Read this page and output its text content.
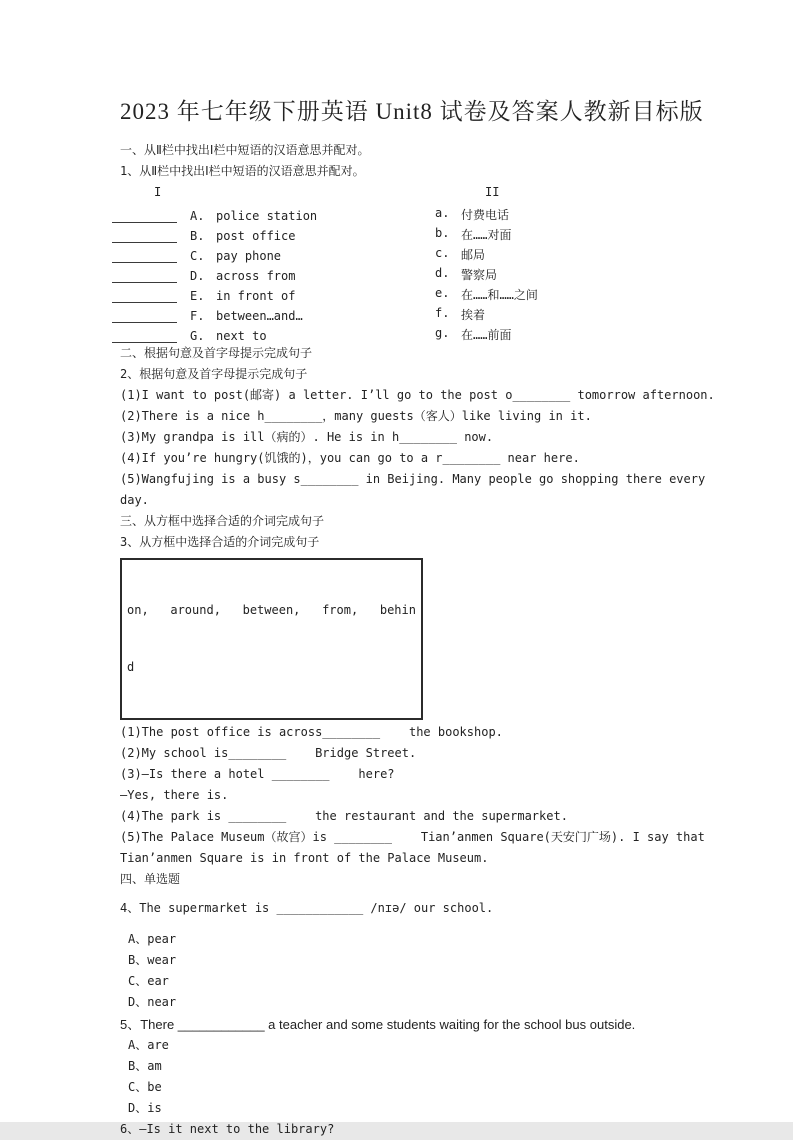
2023 年七年级下册英语 Unit8 试卷及答案人教新目标版
一、从Ⅱ栏中找出Ⅰ栏中短语的汉语意思并配对。
1、从Ⅱ栏中找出Ⅰ栏中短语的汉语意思并配对。
I	II
A. police station	a. 付费电话
B. post office	b. 在……对面
C. pay phone	c. 邮局
D. across from	d. 警察局
E. in front of	e. 在……和……之间
F. between…and…	f. 挨着
G. next to	g. 在……前面
二、根据句意及首字母提示完成句子
2、根据句意及首字母提示完成句子
(1)I want to post(邮寄) a letter. I’ll go to the post o________ tomorrow afternoon.
(2)There is a nice h________，many guests（客人）like living in it.
(3)My grandpa is ill（病的）. He is in h________ now.
(4)If you’re hungry(饥饿的)，you can go to a r________ near here.
(5)Wangfujing is a busy s________ in Beijing. Many people go shopping there every
day.
三、从方框中选择合适的介词完成句子
3、从方框中选择合适的介词完成句子

on,   around,   between,   from,   behin

d

(1)The post office is across________    the bookshop.
(2)My school is________    Bridge Street.
(3)—Is there a hotel ________    here?
—Yes, there is.
(4)The park is ________    the restaurant and the supermarket.
(5)The Palace Museum（故宫）is ________    Tian’anmen Square(天安门广场). I say that
Tian’anmen Square is in front of the Palace Museum.
四、单选题
4、The supermarket is ____________ /nɪə/ our school.
A、pear
B、wear
C、ear
D、near
5、There ____________ a teacher and some students waiting for the school bus outside.
A、are
B、am
C、be
D、is
6、—Is it next to the library?
